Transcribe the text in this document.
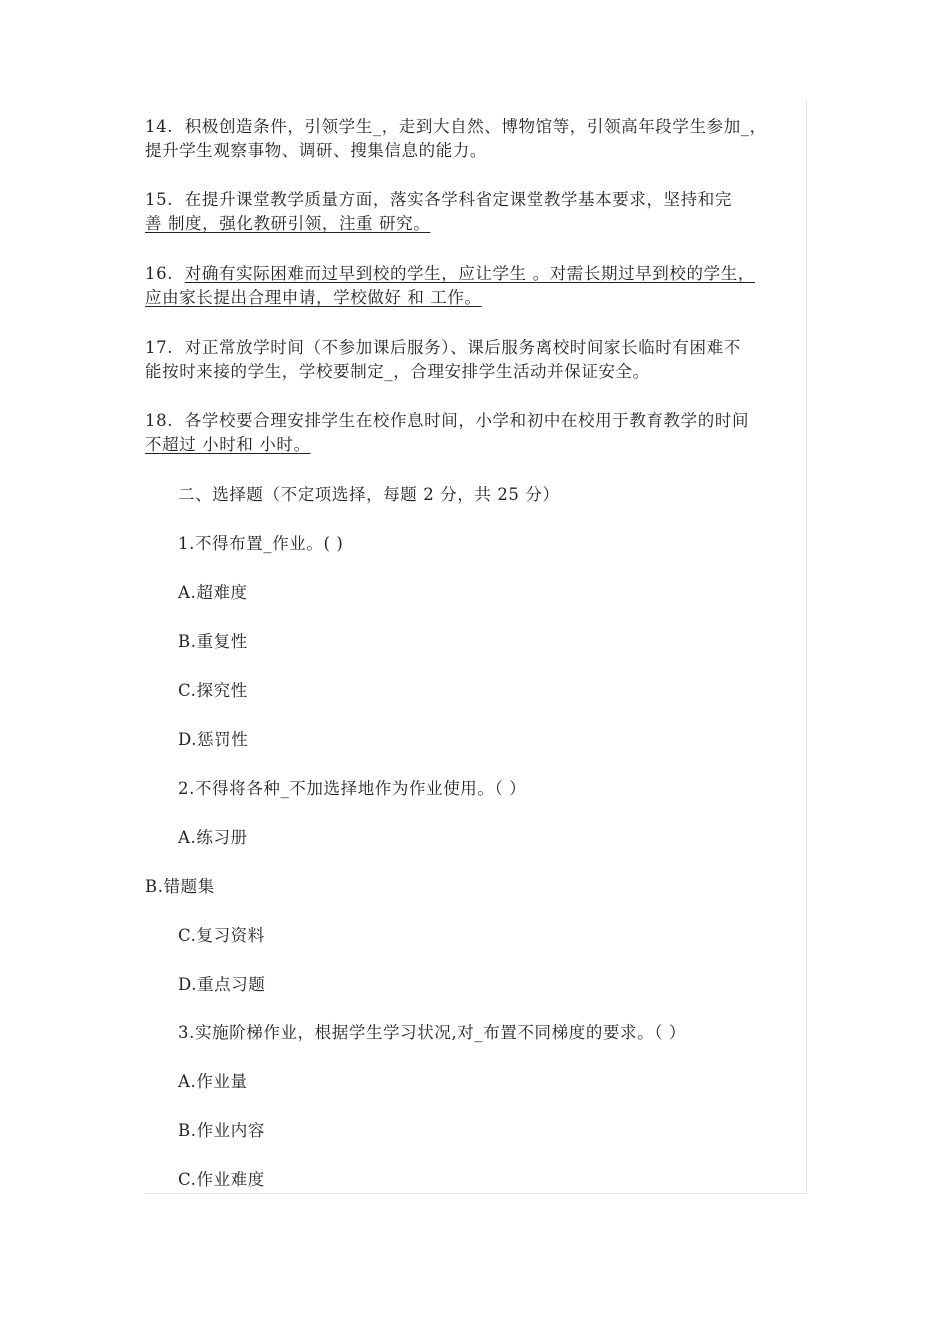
14. 积极创造条件，引领学生_，走到大自然、博物馆等，引领高年段学生参加_，
提升学生观察事物、调研、搜集信息的能力。

15. 在提升课堂教学质量方面，落实各学科省定课堂教学基本要求，坚持和完
善 制度，强化教研引领，注重 研究。

16. 对确有实际困难而过早到校的学生，应让学生 。对需长期过早到校的学生，
应由家长提出合理申请，学校做好 和 工作。

17. 对正常放学时间（不参加课后服务）、课后服务离校时间家长临时有困难不
能按时来接的学生，学校要制定_，合理安排学生活动并保证安全。

18. 各学校要合理安排学生在校作息时间，小学和初中在校用于教育教学的时间
不超过 小时和 小时。

二、选择题（不定项选择，每题 2 分，共 25 分）

1.不得布置_作业。( )

A.超难度

B.重复性

C.探究性

D.惩罚性

2.不得将各种_不加选择地作为作业使用。（ ）

A.练习册

B.错题集

C.复习资料

D.重点习题

3.实施阶梯作业，根据学生学习状况,对_布置不同梯度的要求。（ ）

A.作业量

B.作业内容

C.作业难度
